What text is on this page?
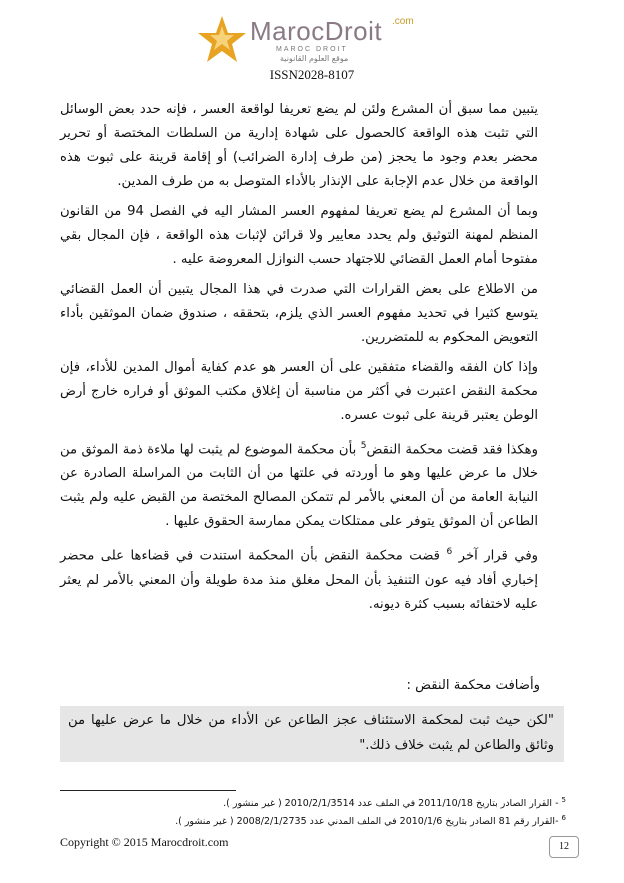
MarocDroit .com
MAROC DROIT
موقع العلوم القانونية
ISSN2028-8107

يتبين مما سبق أن المشرع ولئن لم يضع تعريفا لواقعة العسر ، فإنه حدد بعض الوسائل التي تثبت هذه الواقعة كالحصول على شهادة إدارية من السلطات المختصة أو تحرير محضر بعدم وجود ما يحجز (من طرف إدارة الضرائب) أو إقامة قرينة على ثبوت هذه الواقعة من خلال عدم الإجابة على الإنذار بالأداء المتوصل به من طرف المدين.

وبما أن المشرع لم يضع تعريفا لمفهوم العسر المشار اليه في الفصل 94 من القانون المنظم لمهنة التوثيق ولم يحدد معايير ولا قرائن لإثبات هذه الواقعة ، فإن المجال بقي مفتوحا أمام العمل القضائي للاجتهاد حسب النوازل المعروضة عليه .

من الاطلاع على بعض القرارات التي صدرت في هذا المجال يتبين أن العمل القضائي يتوسع كثيرا في تحديد مفهوم العسر الذي يلزم، بتحققه ، صندوق ضمان الموثقين بأداء التعويض المحكوم به للمتضررين.

وإذا كان الفقه والقضاء متفقين على أن العسر هو عدم كفاية أموال المدين للأداء، فإن محكمة النقض اعتبرت في أكثر من مناسبة أن إغلاق مكتب الموثق أو فراره خارج أرض الوطن يعتبر قرينة على ثبوت عسره.

وهكذا فقد قضت محكمة النقض$^5$ بأن محكمة الموضوع لم يثبت لها ملاءة ذمة الموثق من خلال ما عرض عليها وهو ما أوردته في علتها من أن الثابت من المراسلة الصادرة عن النيابة العامة من أن المعني بالأمر لم تتمكن المصالح المختصة من القبض عليه ولم يثبت الطاعن أن الموثق يتوفر على ممتلكات يمكن ممارسة الحقوق عليها .

وفي قرار آخر $^6$ قضت محكمة النقض بأن المحكمة استندت في قضاءها على محضر إخباري أفاد فيه عون التنفيذ بأن المحل مغلق منذ مدة طويلة وأن المعني بالأمر لم يعثر عليه لاختفائه بسبب كثرة ديونه.

وأضافت محكمة النقض :
"لكن حيث ثبت لمحكمة الاستئناف عجز الطاعن عن الأداء من خلال ما عرض عليها من وثائق والطاعن لم يثبت خلاف ذلك."
$^5$ - القرار الصادر بتاريخ 2011/10/18 في الملف عدد 2010/2/1/3514 ( غير منشور ).
$^6$ -القرار رقم 81 الصادر بتاريخ 2010/1/6 في الملف المدني عدد 2008/2/1/2735 ( غير منشور ).
Copyright © 2015 Marocdroit.com	12
